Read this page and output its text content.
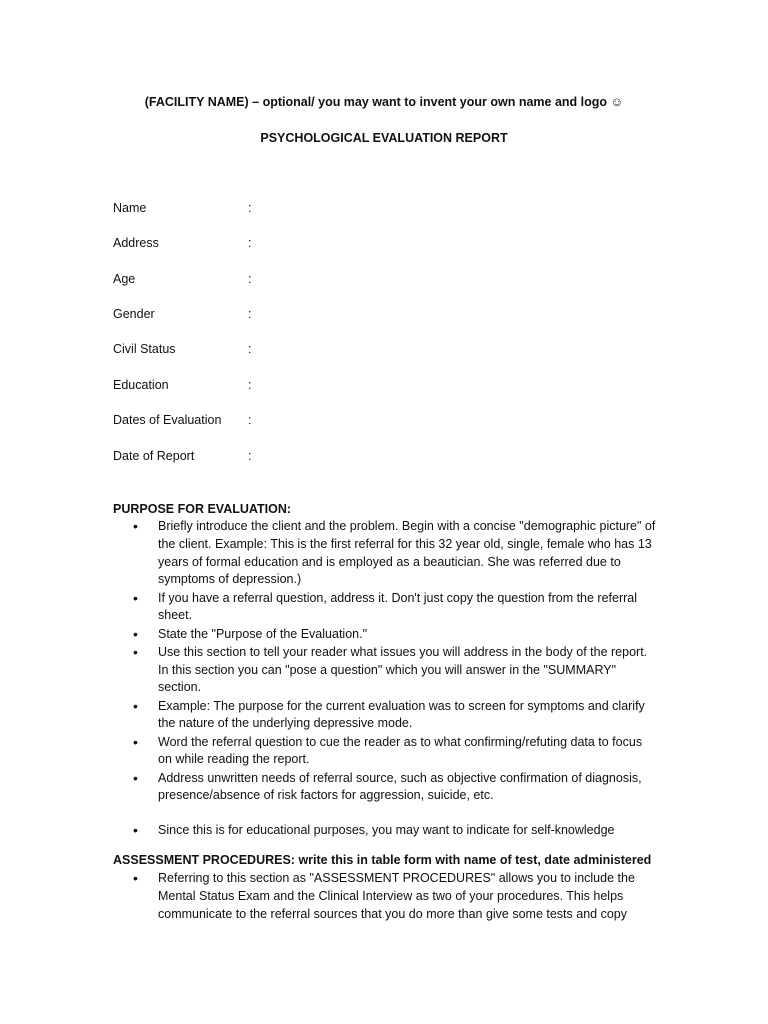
(FACILITY NAME) – optional/ you may want to invent your own name and logo ☺
PSYCHOLOGICAL EVALUATION REPORT
Name	:
Address	:
Age	:
Gender	:
Civil Status	:
Education	:
Dates of Evaluation :
Date of Report	:
PURPOSE FOR EVALUATION:
• Briefly introduce the client and the problem. Begin with a concise "demographic picture" of the client. Example: This is the first referral for this 32 year old, single, female who has 13 years of formal education and is employed as a beautician. She was referred due to symptoms of depression.)
• If you have a referral question, address it. Don't just copy the question from the referral sheet.
• State the "Purpose of the Evaluation."
• Use this section to tell your reader what issues you will address in the body of the report. In this section you can "pose a question" which you will answer in the "SUMMARY" section.
• Example: The purpose for the current evaluation was to screen for symptoms and clarify the nature of the underlying depressive mode.
• Word the referral question to cue the reader as to what confirming/refuting data to focus on while reading the report.
• Address unwritten needs of referral source, such as objective confirmation of diagnosis, presence/absence of risk factors for aggression, suicide, etc.
• Since this is for educational purposes, you may want to indicate for self-knowledge
ASSESSMENT PROCEDURES: write this in table form with name of test, date administered
• Referring to this section as "ASSESSMENT PROCEDURES" allows you to include the Mental Status Exam and the Clinical Interview as two of your procedures. This helps communicate to the referral sources that you do more than give some tests and copy
